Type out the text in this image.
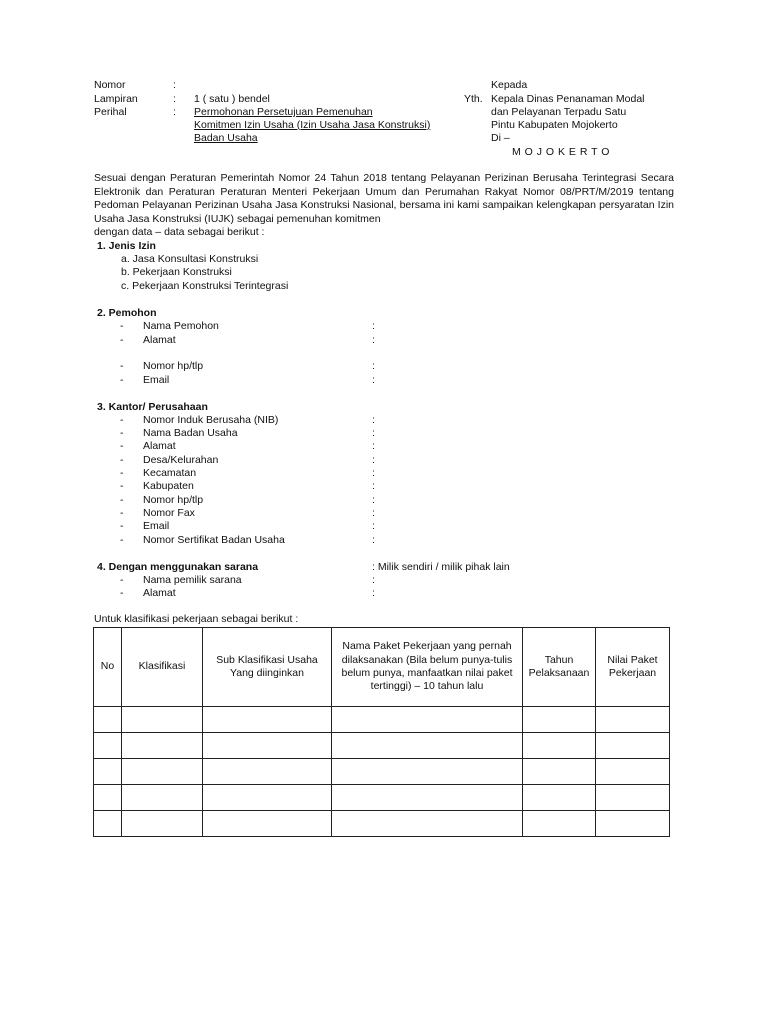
Nomor	:
Lampiran	: 1 ( satu ) bendel
Perihal	: Permohonan Persetujuan Pemenuhan
Komitmen Izin Usaha (Izin Usaha Jasa Konstruksi)
Badan Usaha
Kepada
Yth. Kepala Dinas Penanaman Modal
dan Pelayanan Terpadu Satu
Pintu Kabupaten Mojokerto
Di –
M O J O K E R T O
Sesuai dengan Peraturan Pemerintah Nomor 24 Tahun 2018 tentang Pelayanan Perizinan Berusaha Terintegrasi Secara Elektronik dan Peraturan Peraturan Menteri Pekerjaan Umum dan Perumahan Rakyat Nomor 08/PRT/M/2019 tentang Pedoman Pelayanan Perizinan Usaha Jasa Konstruksi Nasional, bersama ini kami sampaikan kelengkapan persyaratan Izin Usaha Jasa Konstruksi (IUJK) sebagai pemenuhan komitmen
dengan data – data sebagai berikut :
1. Jenis Izin
a. Jasa Konsultasi Konstruksi
b. Pekerjaan Konstruksi
c. Pekerjaan Konstruksi Terintegrasi
2. Pemohon
- Nama Pemohon	:
- Alamat	:
- Nomor hp/tlp	:
- Email	:
3. Kantor/ Perusahaan
- Nomor Induk Berusaha (NIB)	:
- Nama Badan Usaha	:
- Alamat	:
- Desa/Kelurahan	:
- Kecamatan	:
- Kabupaten	:
- Nomor hp/tlp	:
- Nomor Fax	:
- Email	:
- Nomor Sertifikat Badan Usaha	:
4. Dengan menggunakan sarana	: Milik sendiri / milik pihak lain
- Nama pemilik sarana	:
- Alamat	:
Untuk klasifikasi pekerjaan sebagai berikut :
No	Klasifikasi	Sub Klasifikasi Usaha Yang diinginkan	Nama Paket Pekerjaan yang pernah dilaksanakan (Bila belum punya-tulis belum punya, manfaatkan nilai paket tertinggi) – 10 tahun lalu	Tahun Pelaksanaan	Nilai Paket Pekerjaan
